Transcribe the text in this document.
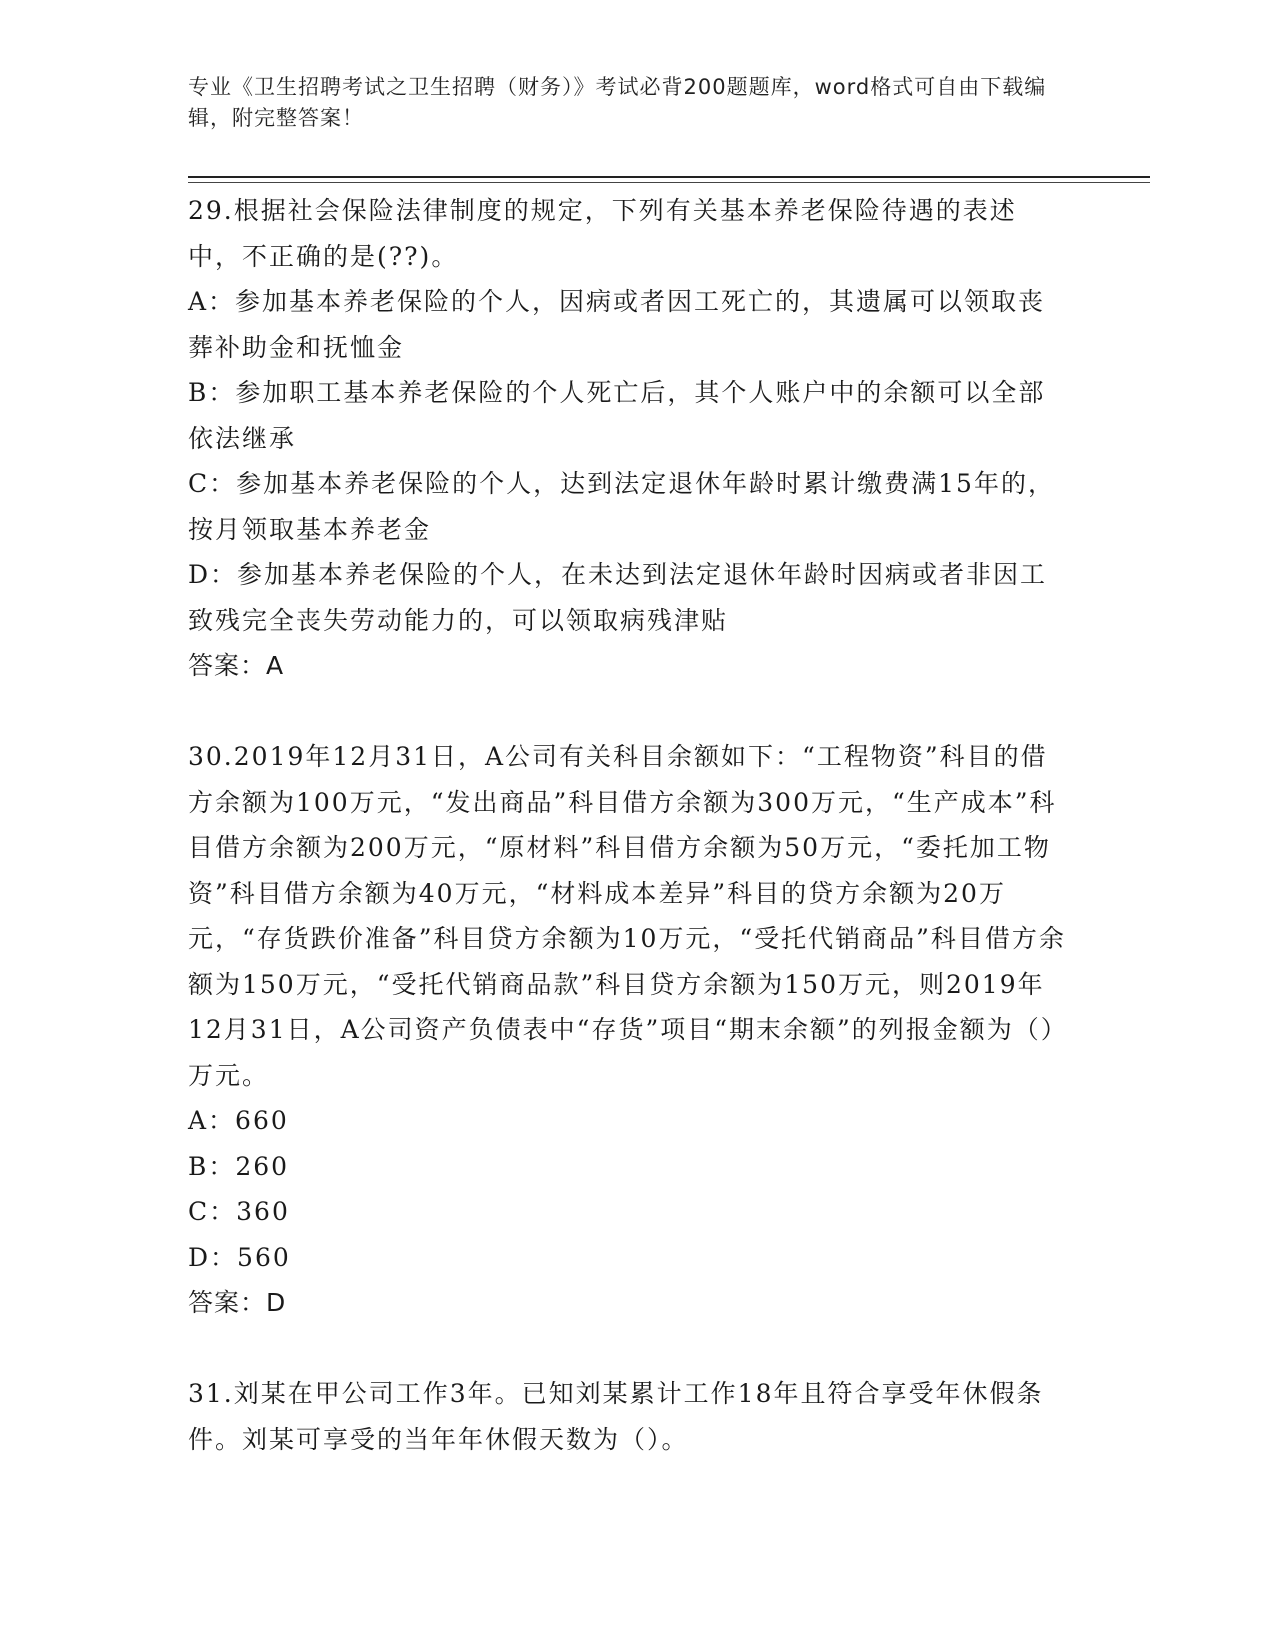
专业《卫生招聘考试之卫生招聘（财务）》考试必背200题题库，word格式可自由下载编辑，附完整答案！

29.根据社会保险法律制度的规定，下列有关基本养老保险待遇的表述中，不正确的是(??)。

A：参加基本养老保险的个人，因病或者因工死亡的，其遗属可以领取丧葬补助金和抚恤金

B：参加职工基本养老保险的个人死亡后，其个人账户中的余额可以全部依法继承

C：参加基本养老保险的个人，达到法定退休年龄时累计缴费满15年的，按月领取基本养老金

D：参加基本养老保险的个人，在未达到法定退休年龄时因病或者非因工致残完全丧失劳动能力的，可以领取病残津贴

答案：A

30.2019年12月31日，A公司有关科目余额如下：“工程物资”科目的借方余额为100万元，“发出商品”科目借方余额为300万元，“生产成本”科目借方余额为200万元，“原材料”科目借方余额为50万元，“委托加工物资”科目借方余额为40万元，“材料成本差异”科目的贷方余额为20万元，“存货跌价准备”科目贷方余额为10万元，“受托代销商品”科目借方余额为150万元，“受托代销商品款”科目贷方余额为150万元，则2019年12月31日，A公司资产负债表中“存货”项目“期末余额”的列报金额为（）万元。

A：660

B：260

C：360

D：560

答案：D

31.刘某在甲公司工作3年。已知刘某累计工作18年且符合享受年休假条件。刘某可享受的当年年休假天数为（）。
